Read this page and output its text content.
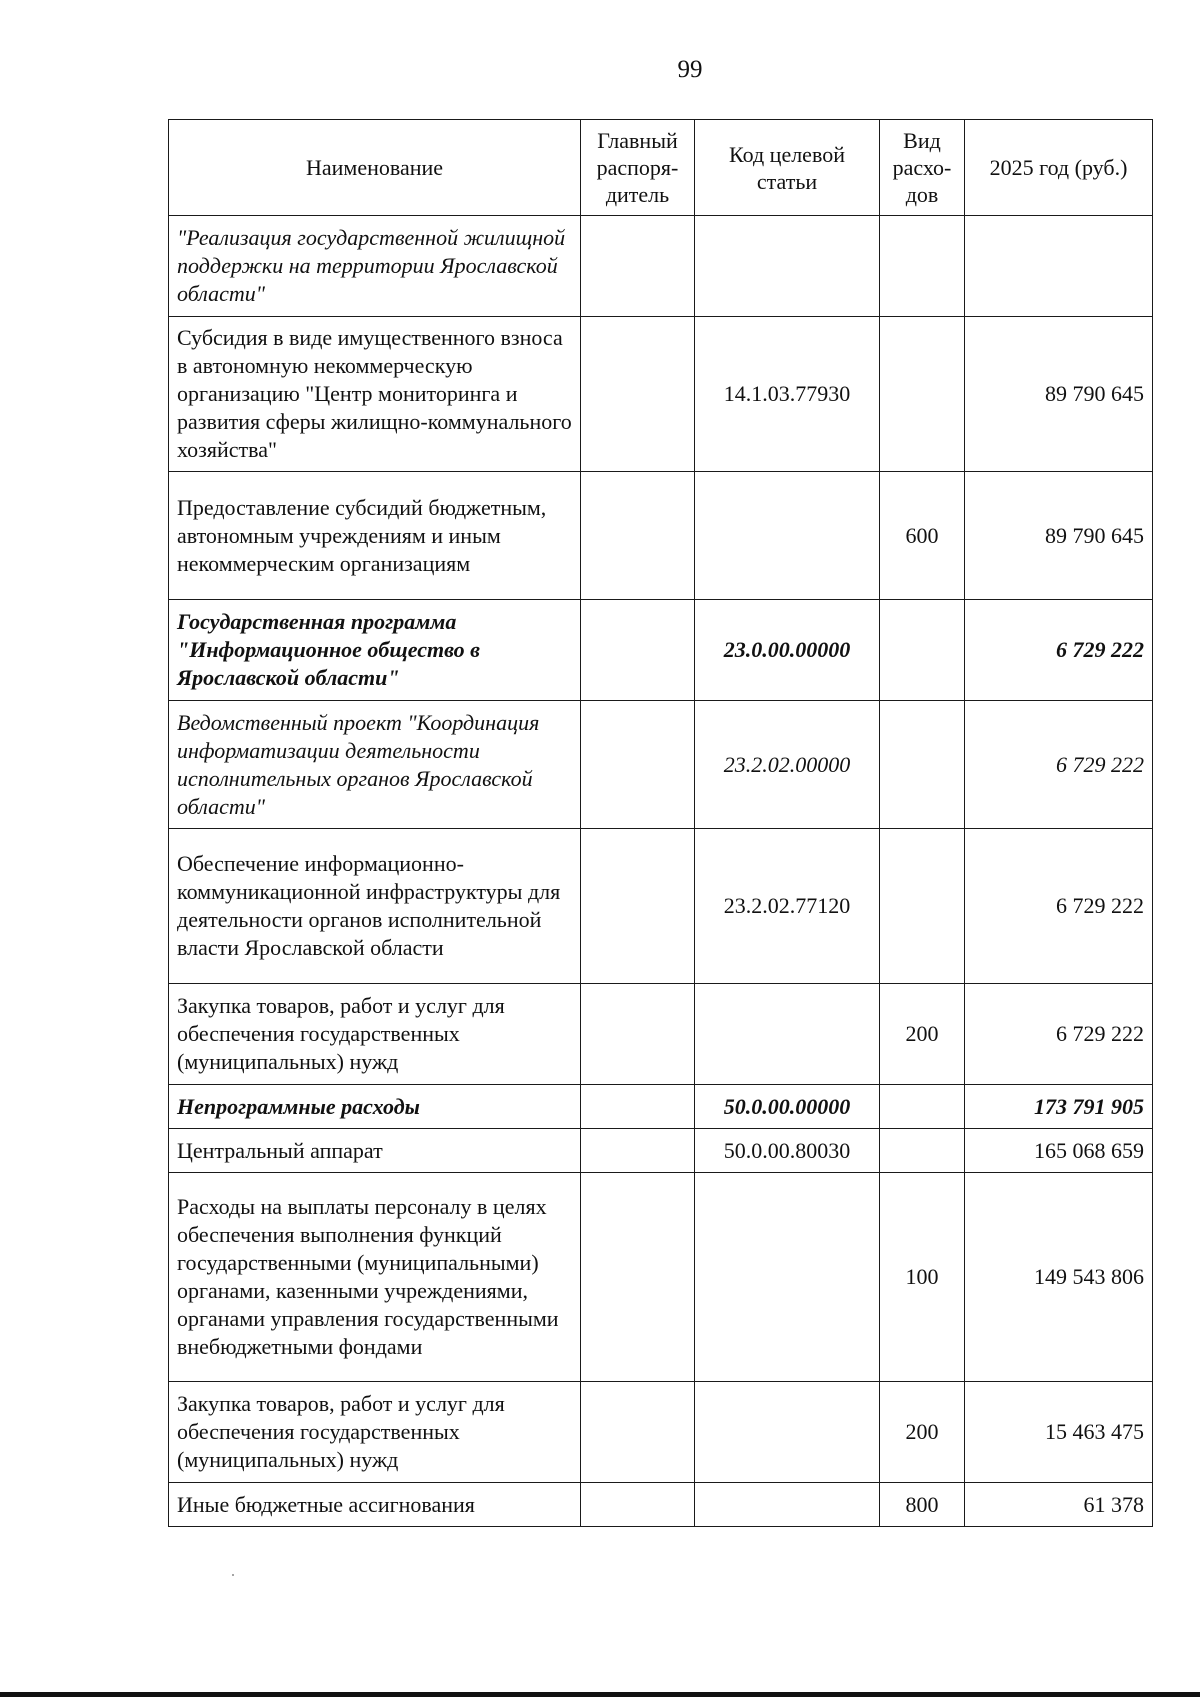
99
Наименование	Главный распоря-дитель	Код целевой статьи	Вид расхо-дов	2025 год (руб.)
"Реализация государственной жилищной поддержки на территории Ярославской области"				
Субсидия в виде имущественного взноса в автономную некоммерческую организацию "Центр мониторинга и развития сферы жилищно-коммунального хозяйства"		14.1.03.77930		89 790 645
Предоставление субсидий бюджетным, автономным учреждениям и иным некоммерческим организациям			600	89 790 645
Государственная программа "Информационное общество в Ярославской области"		23.0.00.00000		6 729 222
Ведомственный проект "Координация информатизации деятельности исполнительных органов Ярославской области"		23.2.02.00000		6 729 222
Обеспечение информационно-коммуникационной инфраструктуры для деятельности органов исполнительной власти Ярославской области		23.2.02.77120		6 729 222
Закупка товаров, работ и услуг для обеспечения государственных (муниципальных) нужд			200	6 729 222
Непрограммные расходы		50.0.00.00000		173 791 905
Центральный аппарат		50.0.00.80030		165 068 659
Расходы на выплаты персоналу в целях обеспечения выполнения функций государственными (муниципальными) органами, казенными учреждениями, органами управления государственными внебюджетными фондами			100	149 543 806
Закупка товаров, работ и услуг для обеспечения государственных (муниципальных) нужд			200	15 463 475
Иные бюджетные ассигнования			800	61 378
